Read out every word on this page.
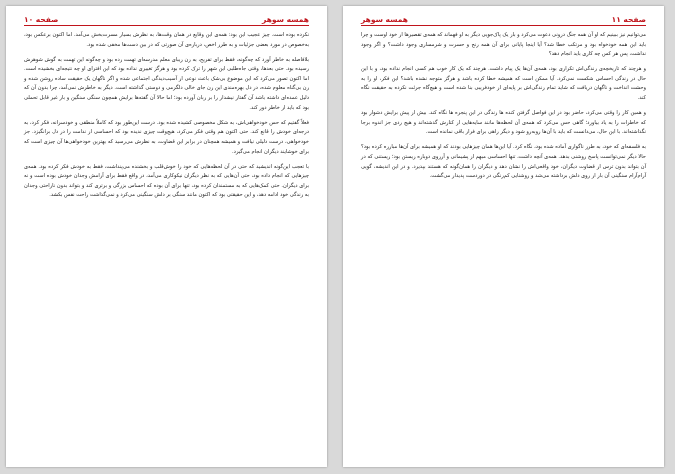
همسه سوهر
صفحه ۱۰

نکرده بوده است. چیز عجیب این بود: همه‌ی این وقایع در همان وقت‌ها، به نظرش بسیار مسرت‌بخش می‌آمد. اما اکنون برعکس بود، به‌خصوص در مورد بعضی جزئیات و به طرز اخص، درباره‌ی آن صورتی که در بین دست‌ها مخفی شده بود.

بلافاصله به خاطر آورد که چه‌گونه، فقط برای تفریح، به زن زیبای معلم مدرسه‌ای تهمت زده بود و چه‌گونه این تهمت به گوش شوهرش رسیده بود. حتی بعدها، وقتی جاه‌طلبی این شهر را ترک کرده بود و هرگز تغییری نداده بود که این افترای او چه نتیجه‌ای بخشیده است. اما اکنون تصور می‌کرد که این موضوع بی‌شک باعث نوعی از آسیب‌دیدگی اجتماعی شده و اگر ناگهان یک حقیقت ساده روشن شده و زن بی‌گناه معلوم شده، در دل بهره‌مندی این زن جای خالی دلگرمی و دوستی گذاشته است. دیگر به خاطرش نمی‌آمد، چرا بدون آن که دلیل عمده‌ای داشته باشد آن گفتار نیشدار را بر زبان آورده بود؛ اما حالا آن گفته‌ها برایش همچون سنگی سنگین و بار غیر قابل تحملی بود که باید از خاطر دور کند.

فعلاً گفتیم که حس خودخواهی‌اش، به شکل مخصوصی کشیده شده بود. درست این‌طور بود که کاملاً منطقی و خودسرانه، فکر کرد، به درجه‌ای خودش را قانع کند. حتی اکنون هم وقتی فکر می‌کرد، هیچ‌وقت چیزی ندیده بود که احساسی از ندامت را در دل برانگیزد. جز خودخواهی، درست دلیلی نیافت و همیشه همچنان در برابر این قضاوت، به نظرش می‌رسید که بهترین خودخواهی‌ها آن چیزی است که برای خوشایند دیگران انجام می‌گیرد.

با تعجب این‌گونه اندیشید که حتی در آن لحظه‌هایی که خود را خوش‌قلب و بخشنده می‌پنداشت، فقط به خودش فکر کرده بود. همه‌ی چیزهایی که انجام داده بود، حتی آن‌هایی که به نظر دیگران نیکوکاری می‌آمد، در واقع فقط برای آرامش وجدان خودش بوده است و نه برای دیگران. حتی کمک‌هایی که به مستمندان کرده بود، تنها برای آن بوده که احساس بزرگی و برتری کند و بتواند بدون ناراحتی وجدان به زندگی خود ادامه دهد، و این حقیقتی بود که اکنون مانند سنگی بر دلش سنگینی می‌کرد و نمی‌گذاشت راحت نفس بکشد.

صفحه ۱۱
همسه سوهر

می‌توانیم نیز ببینیم که او آن همه جنگ درونی دعوت می‌کرد و باز یک پاک‌جویی دیگر به او فهماند که همه‌ی تقصیرها از خود اوست و چرا باید این همه خودخواه بود و مرتکب خطا شد؟ آیا اینجا پایانی برای آن همه رنج و حسرت و شرمساری وجود داشت؟ و اگر وجود نداشت، پس هر کس چه کاری باید انجام دهد؟

و هرچند که تاریخچه‌ی زندگی‌اش تکراری بود، همه‌ی آن‌ها یک پیام داشت. هرچند که یک کار خوب هم کسی انجام نداده بود، و با این حال در زندگی احساس شکست نمی‌کرد. آیا ممکن است که همیشه خطا کرده باشد و هرگز متوجه نشده باشد؟ این فکر، او را به وحشت انداخت و ناگهان دریافت که شاید تمام زندگی‌اش بر پایه‌ای از خودفریبی بنا شده است و هیچ‌گاه جرئت نکرده به حقیقت نگاه کند.

و همین کار را وقتی می‌کرد، حاضر بود در این فواصل گرفتن کنده ها زندگی در این پنجره ها نگاه کند. بیش از پیش برایش دشوار بود که خاطرات را به یاد بیاورد؛ گاهی حس می‌کرد که همه‌ی آن لحظه‌ها مانند سایه‌هایی از کنارش گذشته‌اند و هیچ ردی جز اندوه برجا نگذاشته‌اند. با این حال، می‌دانست که باید با آن‌ها روبه‌رو شود و دیگر راهی برای فرار باقی نمانده است.

به فلسفه‌ای که خود، به طرز ناگواری آماده شده بود، نگاه کرد. آیا این‌ها همان چیزهایی بودند که او همیشه برای آن‌ها مبارزه کرده بود؟ حالا دیگر نمی‌توانست پاسخ روشنی بدهد. همه‌ی آنچه داشت، تنها احساسی مبهم از پشیمانی و آرزوی دوباره زیستن بود؛ زیستنی که در آن بتواند بدون ترس از قضاوت دیگران، خود واقعی‌اش را نشان دهد و دیگران را همان‌گونه که هستند بپذیرد. و در این اندیشه، گویی آرام‌آرام سنگینی آن بار از روی دلش برداشته می‌شد و روشنایی کم‌رنگی در دوردست پدیدار می‌گشت.
